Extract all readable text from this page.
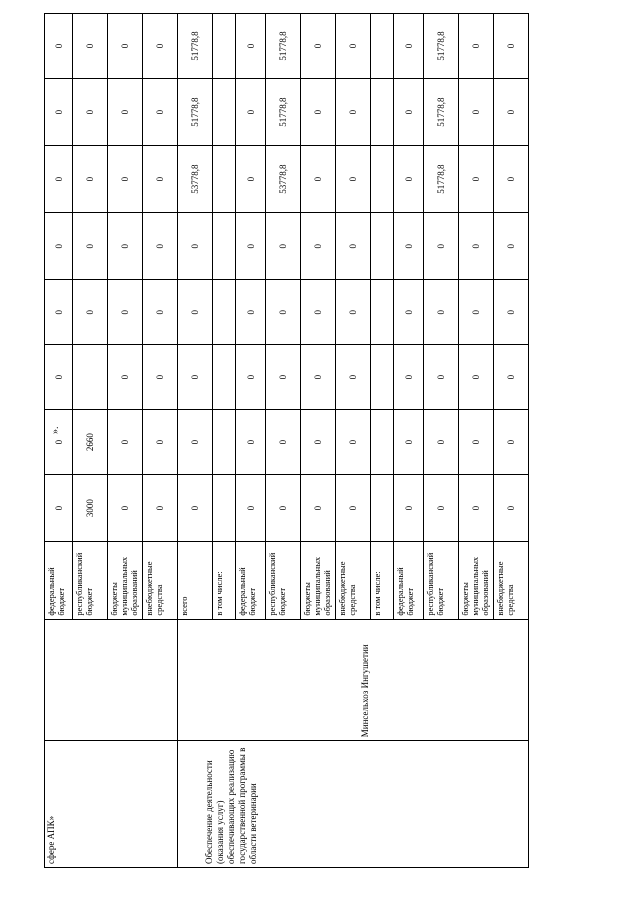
сфере АПК»		федеральный бюджет	0	0	0	0	0	0	0	0
		республиканский бюджет	3000	2660		0	0	0	0	0
		бюджеты муниципальных образований	0	0	0	0	0	0	0	0
		внебюджетные средства	0	0	0	0	0	0	0	0
Обеспечение деятельности (оказания услуг) обеспечивающих реализацию государственной программы в области ветеринарии	Минсельхоз Ингушетии	всего	0	0	0	0	0	53778,8	51778,8	51778,8
		в том числе:								
		федеральный бюджет	0	0	0	0	0	0	0	0
		республиканский бюджет	0	0	0	0	0	53778,8	51778,8	51778,8
		бюджеты муниципальных образований	0	0	0	0	0	0	0	0
		внебюджетные средства	0	0	0	0	0	0	0	0
		в том числе:								
		федеральный бюджет	0	0	0	0	0	0	0	0
		республиканский бюджет	0	0	0	0	0	51778,8	51778,8	51778,8
		бюджеты муниципальных образований	0	0	0	0	0	0	0	0
		внебюджетные средства	0	0	0	0	0	0	0	0
».
